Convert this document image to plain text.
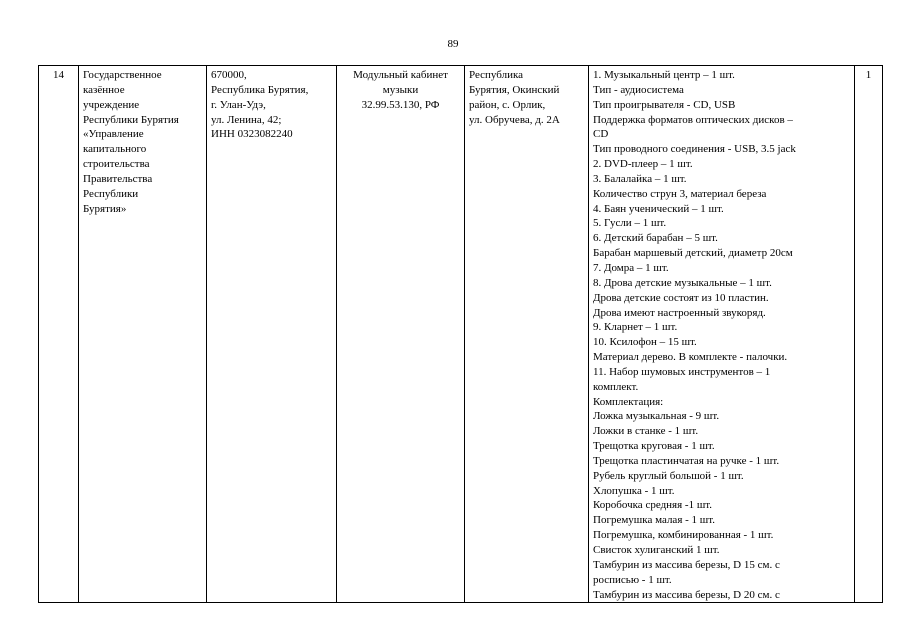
89
14	Государственное
казённое
учреждение
Республики Бурятия
«Управление
капитального
строительства
Правительства
Республики
Бурятия»

670000,
Республика Бурятия,
г. Улан-Удэ,
ул. Ленина, 42;
ИНН 0323082240

Модульный кабинет
музыки
32.99.53.130, РФ

Республика
Бурятия, Окинский
район, с. Орлик,
ул. Обручева, д. 2А

1. Музыкальный центр – 1 шт.
Тип - аудиосистема
Тип проигрывателя - CD, USB
Поддержка форматов оптических дисков –
CD
Тип проводного соединения - USB, 3.5 jack
2. DVD-плеер – 1 шт.
3. Балалайка – 1 шт.
Количество струн 3, материал береза
4. Баян ученический – 1 шт.
5. Гусли – 1 шт.
6. Детский барабан – 5 шт.
Барабан маршевый детский, диаметр 20см
7. Домра – 1 шт.
8. Дрова детские музыкальные – 1 шт.
Дрова детские состоят из 10 пластин.
Дрова имеют настроенный звукоряд.
9. Кларнет – 1 шт.
10. Ксилофон – 15 шт.
Материал дерево. В комплекте - палочки.
11. Набор шумовых инструментов – 1
комплект.
Комплектация:
Ложка музыкальная - 9 шт.
Ложки в станке - 1 шт.
Трещотка круговая - 1 шт.
Трещотка пластинчатая на ручке - 1 шт.
Рубель круглый большой - 1 шт.
Хлопушка - 1 шт.
Коробочка средняя -1 шт.
Погремушка малая - 1 шт.
Погремушка, комбинированная - 1 шт.
Свисток хулиганский 1 шт.
Тамбурин из массива березы, D 15 см. с
росписью - 1 шт.
Тамбурин из массива березы, D 20 см. с
	1
